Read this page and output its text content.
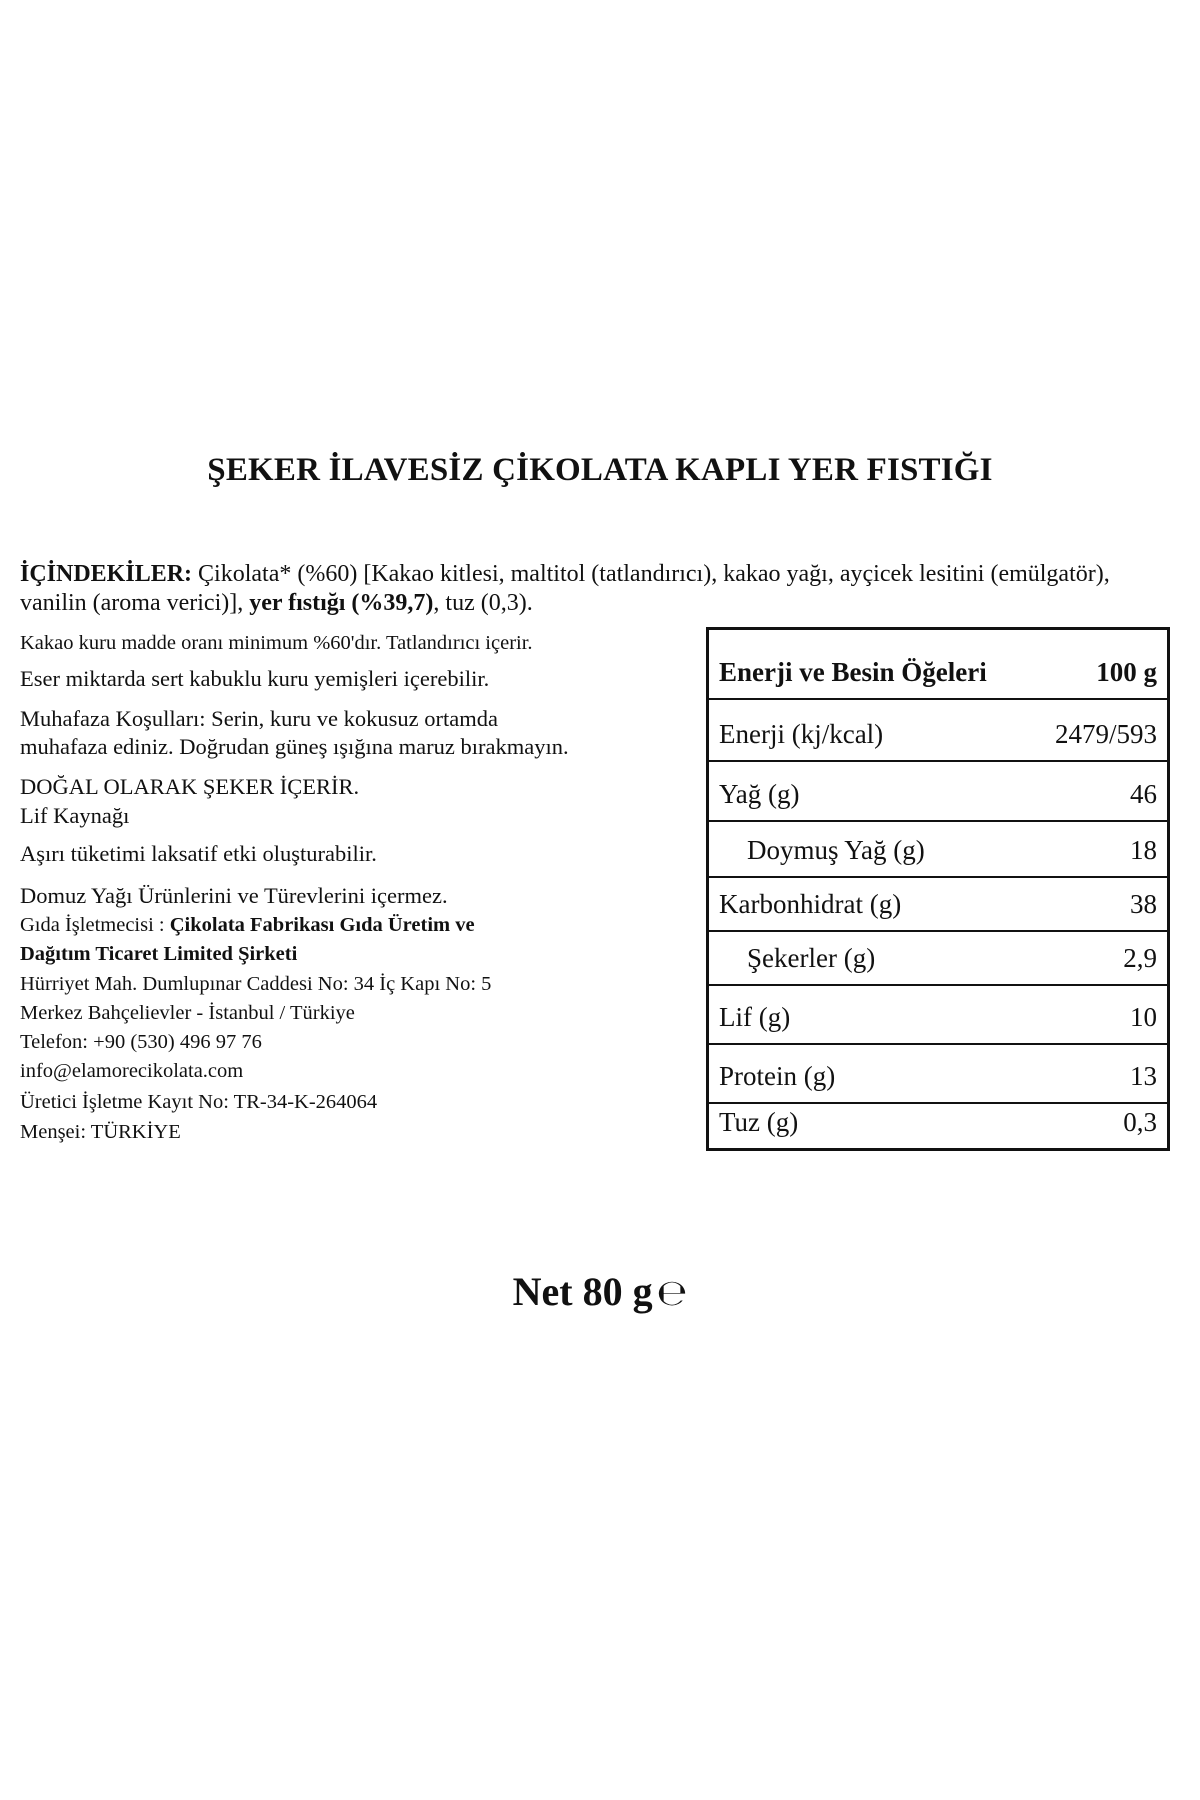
ŞEKER İLAVESİZ ÇİKOLATA KAPLI YER FISTIĞI
İÇİNDEKİLER: Çikolata* (%60) [Kakao kitlesi, maltitol (tatlandırıcı), kakao yağı, ayçicek lesitini (emülgatör), vanilin (aroma verici)], yer fıstığı (%39,7), tuz (0,3).
Kakao kuru madde oranı minimum %60'dır. Tatlandırıcı içerir.
Eser miktarda sert kabuklu kuru yemişleri içerebilir.
Muhafaza Koşulları: Serin, kuru ve kokusuz ortamda
muhafaza ediniz. Doğrudan güneş ışığına maruz bırakmayın.
DOĞAL OLARAK ŞEKER İÇERİR.
Lif Kaynağı
Aşırı tüketimi laksatif etki oluşturabilir.
Domuz Yağı Ürünlerini ve Türevlerini içermez.
Gıda İşletmecisi : Çikolata Fabrikası Gıda Üretim ve
Dağıtım Ticaret Limited Şirketi
Hürriyet Mah. Dumlupınar Caddesi No: 34 İç Kapı No: 5
Merkez Bahçelievler - İstanbul / Türkiye
Telefon: +90 (530) 496 97 76
info@elamorecikolata.com
Üretici İşletme Kayıt No: TR-34-K-264064
Menşei: TÜRKİYE
Enerji ve Besin Öğeleri	100 g
Enerji (kj/kcal)	2479/593
Yağ (g)	46
Doymuş Yağ (g)	18
Karbonhidrat (g)	38
Şekerler (g)	2,9
Lif (g)	10
Protein (g)	13
Tuz (g)	0,3
Net 80 g ℮
